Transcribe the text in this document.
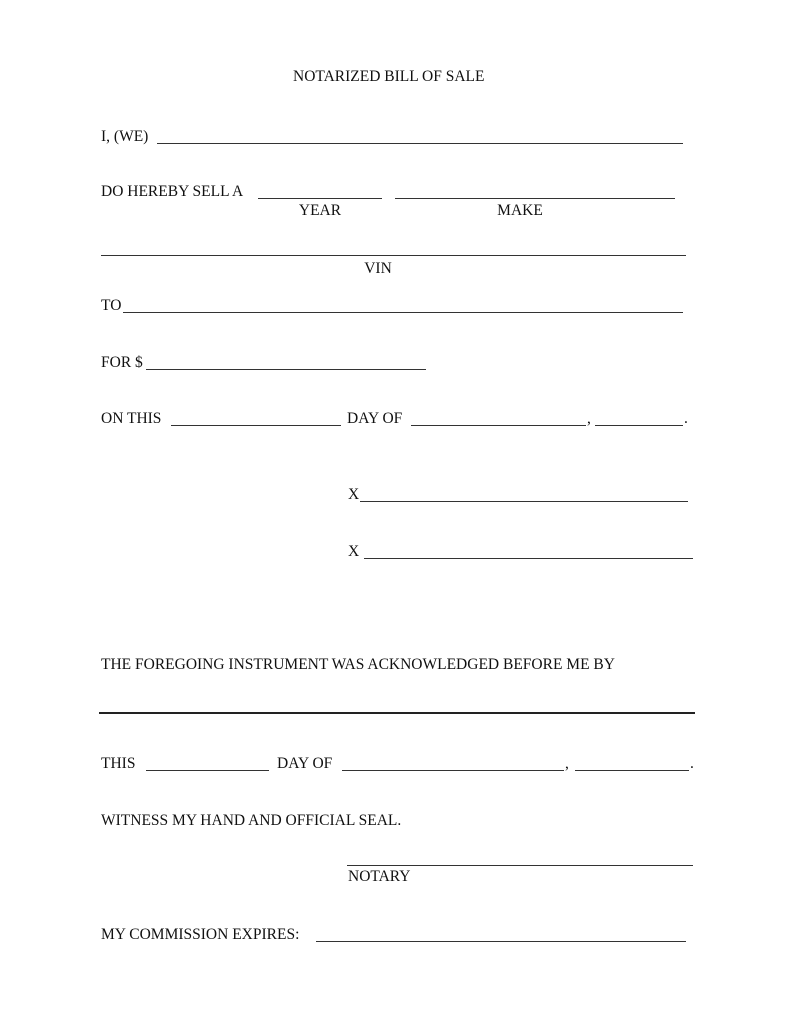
NOTARIZED BILL OF SALE
I, (WE)
DO HEREBY SELL A
YEAR	MAKE
VIN
TO
FOR $
ON THIS	DAY OF	,	.
X
X
THE FOREGOING INSTRUMENT WAS ACKNOWLEDGED BEFORE ME BY
THIS	DAY OF	,	.
WITNESS MY HAND AND OFFICIAL SEAL.
NOTARY
MY COMMISSION EXPIRES:
